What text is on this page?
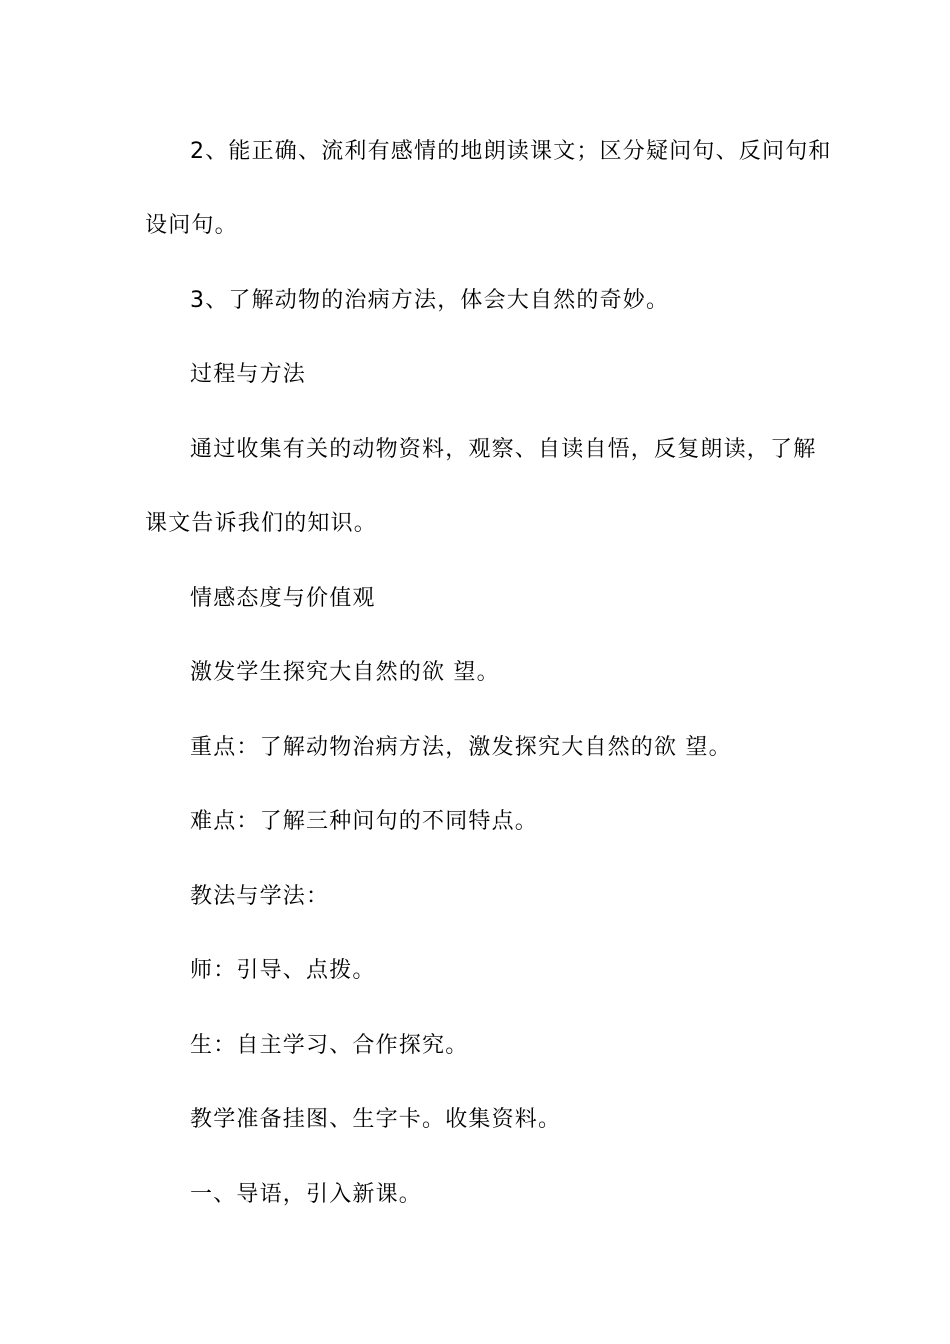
2、能正确、流利有感情的地朗读课文；区分疑问句、反问句和
设问句。
3、了解动物的治病方法，体会大自然的奇妙。
过程与方法
通过收集有关的动物资料，观察、自读自悟，反复朗读，了解
课文告诉我们的知识。
情感态度与价值观
激发学生探究大自然的欲 望。
重点：了解动物治病方法，激发探究大自然的欲 望。
难点：了解三种问句的不同特点。
教法与学法：
师：引导、点拨。
生：自主学习、合作探究。
教学准备挂图、生字卡。收集资料。
一、导语，引入新课。
